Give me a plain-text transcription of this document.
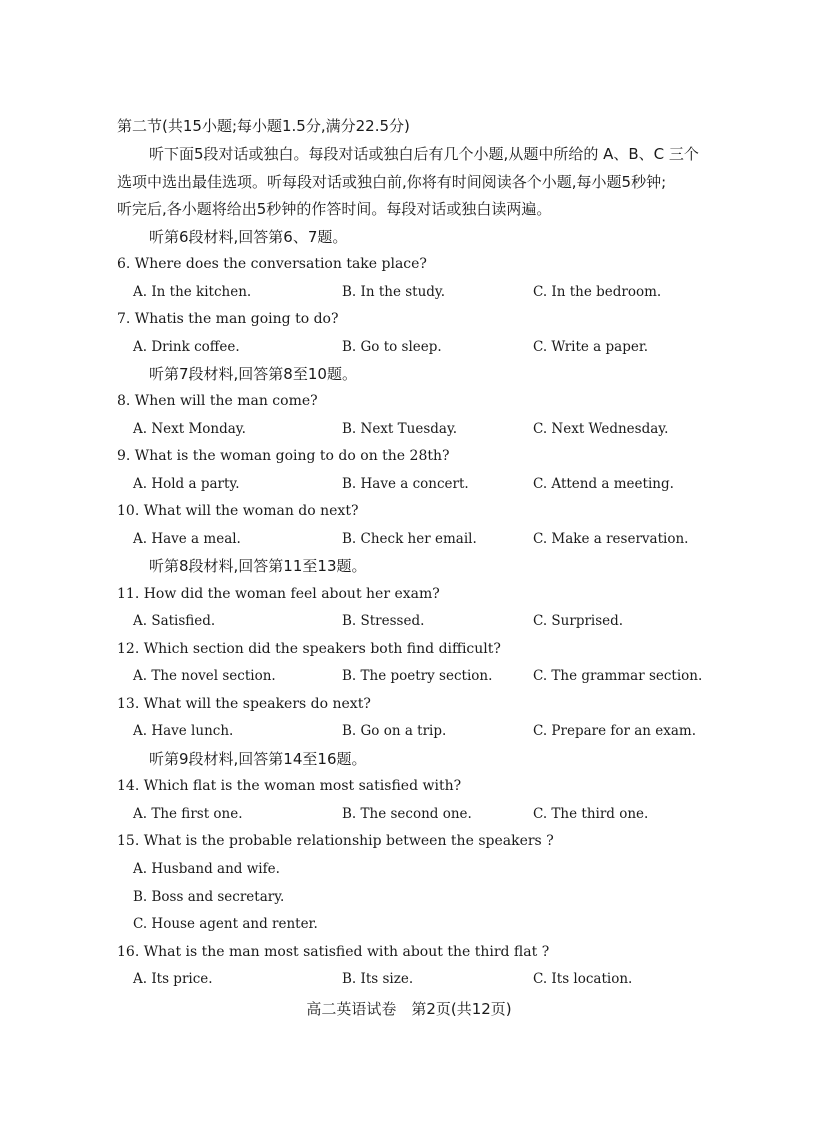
第二节(共15小题;每小题1.5分,满分22.5分)
听下面5段对话或独白。每段对话或独白后有几个小题,从题中所给的 A、B、C 三个
选项中选出最佳选项。听每段对话或独白前,你将有时间阅读各个小题,每小题5秒钟;
听完后,各小题将给出5秒钟的作答时间。每段对话或独白读两遍。
听第6段材料,回答第6、7题。
6. Where does the conversation take place?
A. In the kitchen.	B. In the study.	C. In the bedroom.
7. Whatis the man going to do?
A. Drink coffee.	B. Go to sleep.	C. Write a paper.
听第7段材料,回答第8至10题。
8. When will the man come?
A. Next Monday.	B. Next Tuesday.	C. Next Wednesday.
9. What is the woman going to do on the 28th?
A. Hold a party.	B. Have a concert.	C. Attend a meeting.
10. What will the woman do next?
A. Have a meal.	B. Check her email.	C. Make a reservation.
听第8段材料,回答第11至13题。
11. How did the woman feel about her exam?
A. Satisfied.	B. Stressed.	C. Surprised.
12. Which section did the speakers both find difficult?
A. The novel section.	B. The poetry section.	C. The grammar section.
13. What will the speakers do next?
A. Have lunch.	B. Go on a trip.	C. Prepare for an exam.
听第9段材料,回答第14至16题。
14. Which flat is the woman most satisfied with?
A. The first one.	B. The second one.	C. The third one.
15. What is the probable relationship between the speakers ?
A. Husband and wife.
B. Boss and secretary.
C. House agent and renter.
16. What is the man most satisfied with about the third flat ?
A. Its price.	B. Its size.	C. Its location.
高二英语试卷　第2页(共12页)
